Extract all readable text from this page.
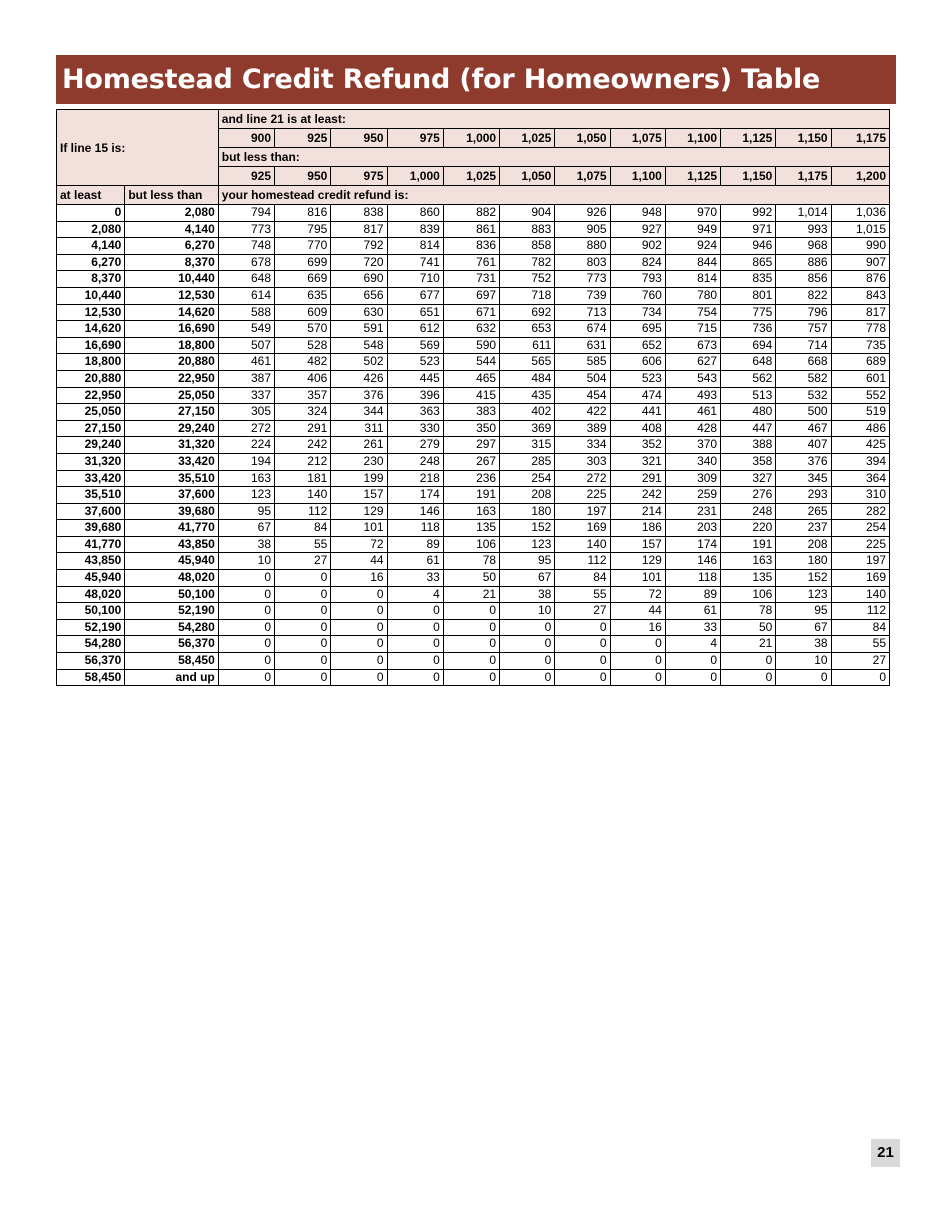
Homestead Credit Refund (for Homeowners) Table
If line 15 is:		and line 21 is at least:											
		900	925	950	975	1,000	1,025	1,050	1,075	1,100	1,125	1,150	1,175
		but less than:											
		925	950	975	1,000	1,025	1,050	1,075	1,100	1,125	1,150	1,175	1,200
at least	but less than	your homestead credit refund is:											
0	2,080	794	816	838	860	882	904	926	948	970	992	1,014	1,036
2,080	4,140	773	795	817	839	861	883	905	927	949	971	993	1,015
4,140	6,270	748	770	792	814	836	858	880	902	924	946	968	990
6,270	8,370	678	699	720	741	761	782	803	824	844	865	886	907
8,370	10,440	648	669	690	710	731	752	773	793	814	835	856	876
10,440	12,530	614	635	656	677	697	718	739	760	780	801	822	843
12,530	14,620	588	609	630	651	671	692	713	734	754	775	796	817
14,620	16,690	549	570	591	612	632	653	674	695	715	736	757	778
16,690	18,800	507	528	548	569	590	611	631	652	673	694	714	735
18,800	20,880	461	482	502	523	544	565	585	606	627	648	668	689
20,880	22,950	387	406	426	445	465	484	504	523	543	562	582	601
22,950	25,050	337	357	376	396	415	435	454	474	493	513	532	552
25,050	27,150	305	324	344	363	383	402	422	441	461	480	500	519
27,150	29,240	272	291	311	330	350	369	389	408	428	447	467	486
29,240	31,320	224	242	261	279	297	315	334	352	370	388	407	425
31,320	33,420	194	212	230	248	267	285	303	321	340	358	376	394
33,420	35,510	163	181	199	218	236	254	272	291	309	327	345	364
35,510	37,600	123	140	157	174	191	208	225	242	259	276	293	310
37,600	39,680	95	112	129	146	163	180	197	214	231	248	265	282
39,680	41,770	67	84	101	118	135	152	169	186	203	220	237	254
41,770	43,850	38	55	72	89	106	123	140	157	174	191	208	225
43,850	45,940	10	27	44	61	78	95	112	129	146	163	180	197
45,940	48,020	0	0	16	33	50	67	84	101	118	135	152	169
48,020	50,100	0	0	0	4	21	38	55	72	89	106	123	140
50,100	52,190	0	0	0	0	0	10	27	44	61	78	95	112
52,190	54,280	0	0	0	0	0	0	0	16	33	50	67	84
54,280	56,370	0	0	0	0	0	0	0	0	4	21	38	55
56,370	58,450	0	0	0	0	0	0	0	0	0	0	10	27
58,450	and up	0	0	0	0	0	0	0	0	0	0	0	0
21
